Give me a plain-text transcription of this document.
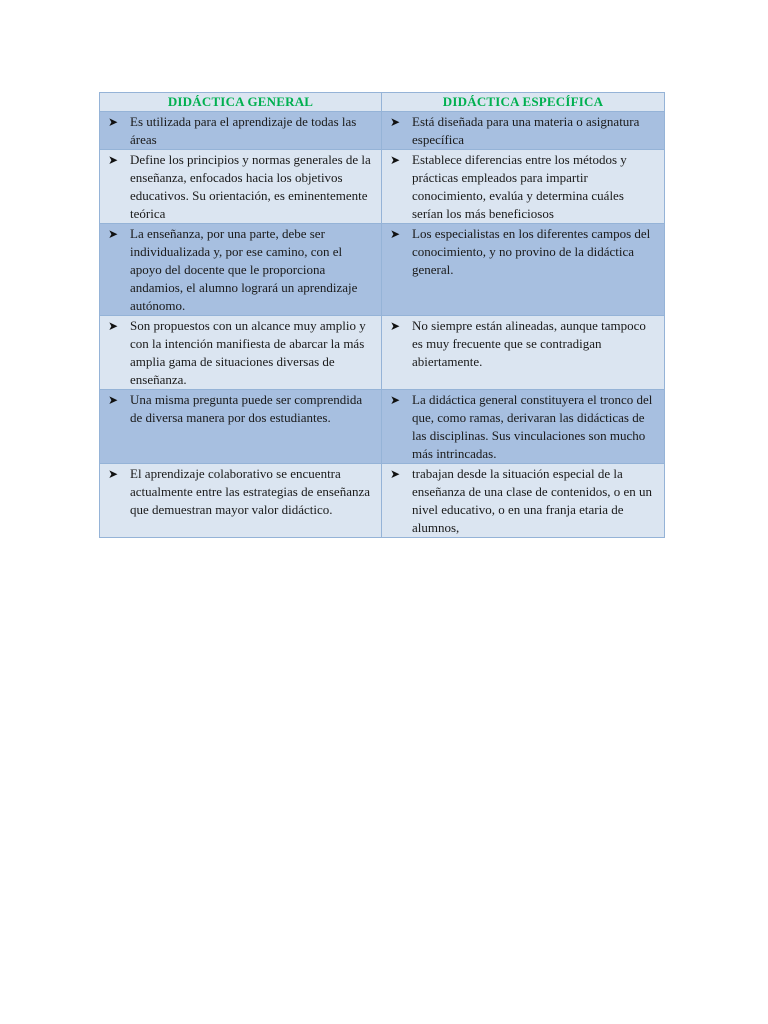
DIDÁCTICA GENERAL	DIDÁCTICA ESPECÍFICA

➤ Es utilizada para el aprendizaje de todas las áreas	➤ Está diseñada para una materia o asignatura específica

➤ Define los principios y normas generales de la enseñanza, enfocados hacia los objetivos educativos. Su orientación, es eminentemente teórica	➤ Establece diferencias entre los métodos y prácticas empleados para impartir conocimiento, evalúa y determina cuáles serían los más beneficiosos

➤ La enseñanza, por una parte, debe ser individualizada y, por ese camino, con el apoyo del docente que le proporciona andamios, el alumno logrará un aprendizaje autónomo.	➤ Los especialistas en los diferentes campos del conocimiento, y no provino de la didáctica general.

➤ Son propuestos con un alcance muy amplio y con la intención manifiesta de abarcar la más amplia gama de situaciones diversas de enseñanza.	➤ No siempre están alineadas, aunque tampoco es muy frecuente que se contradigan abiertamente.

➤ Una misma pregunta puede ser comprendida de diversa manera por dos estudiantes.	➤ La didáctica general constituyera el tronco del que, como ramas, derivaran las didácticas de las disciplinas. Sus vinculaciones son mucho más intrincadas.

➤ El aprendizaje colaborativo se encuentra actualmente entre las estrategias de enseñanza que demuestran mayor valor didáctico.	➤ trabajan desde la situación especial de la enseñanza de una clase de contenidos, o en un nivel educativo, o en una franja etaria de alumnos,
